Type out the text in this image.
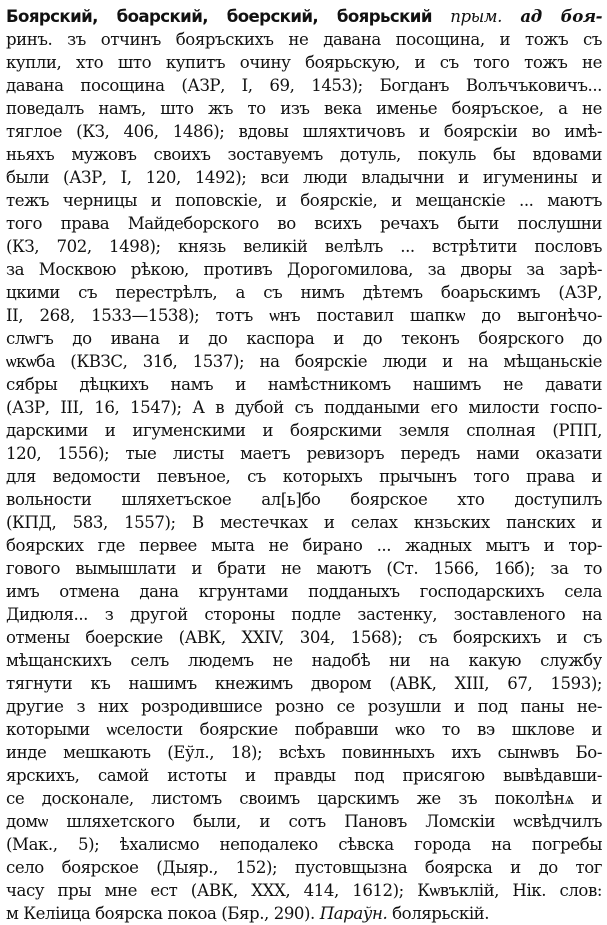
Боярский, боарский, боерский, боярьский прым. ад боя-
ринъ. зъ отчинъ бояръскихъ не давана посощина, и тожъ съ
купли, хто што купитъ очину боярьскую, и съ того тожъ не
давана посощина (АЗР, І, 69, 1453); Богданъ Волъчъковичъ...
поведалъ намъ, што жъ то изъ века именье бояръское, а не
тяглое (КЗ, 406, 1486); вдовы шляхтичовъ и боярскіи во имѣ-
ньяхъ мужовъ своихъ зоставуемъ дотуль, покуль бы вдовами
были (АЗР, І, 120, 1492); вси люди владычни и игуменины и
тежъ черницы и поповскіе, и боярскіе, и мещанскіе ... маютъ
того права Майдеборского во всихъ речахъ быти послушни
(КЗ, 702, 1498); князь великій велѣлъ ... встрѣтити пословъ
за Москвою рѣкою, противъ Дорогомилова, за дворы за зарѣ-
цкими съ перестрѣлъ, а съ нимъ дѣтемъ боарьскимъ (АЗР,
ІІ, 268, 1533—1538); тотъ ѡнъ поставил шапкѡ до выгонѣчо-
слѡгъ до ивана и до каспора и до теконъ боярского до
ѡкѡба (КВЗС, 31б, 1537); на боярскіе люди и на мѣщаньскіе
сябры дѣцкихъ намъ и намѣстникомъ нашимъ не давати
(АЗР, ІІІ, 16, 1547); А в дубой съ поддаными его милости госпо-
дарскими и игуменскими и боярскими земля сполная (РПП,
120, 1556); тые листы маетъ ревизоръ передъ нами оказати
для ведомости певъное, съ которыхъ прычынъ того права и
вольности шляхетъское ал[ь]бо боярское хто доступилъ
(КПД, 583, 1557); В местечках и селах кнзьских панских и
боярских где первее мыта не бирано ... жадных мытъ и тор-
гового вымышлати и брати не маютъ (Ст. 1566, 16б); за то
имъ отмена дана кгрунтами подданыхъ господарскихъ села
Дидюля... з другой стороны подле застенку, зоставленого на
отмены боерские (АВК, XXIV, 304, 1568); съ боярскихъ и съ
мѣщанскихъ селъ людемъ не надобѣ ни на какую службу
тягнути къ нашимъ кнежимъ двором (АВК, XIII, 67, 1593);
другие з них розродившисе розно се розушли и под паны не-
которыми ѡселости боярские побравши ѡко то вэ шклове и
инде мешкають (Еўл., 18); всѣхъ повинныхъ ихъ сынѡвъ Бо-
ярскихъ, самой истоты и правды под присягою вывѣдавши-
се досконале, листомъ своимъ царскимъ же зъ поколѣнѧ и
домѡ шляхетского были, и сотъ Пановъ Ломскіи ѡсвѣдчилъ
(Мак., 5); ѣхалисмо неподалеко сѣвска города на погребы
село боярское (Дыяр., 152); пустовщызна боярска и до тог
часу пры мне ест (АВК, XXX, 414, 1612); Кѡвъклій, Нік. слов:
м Келіица боярска покоа (Бяр., 290). Параўн. болярьскій.
